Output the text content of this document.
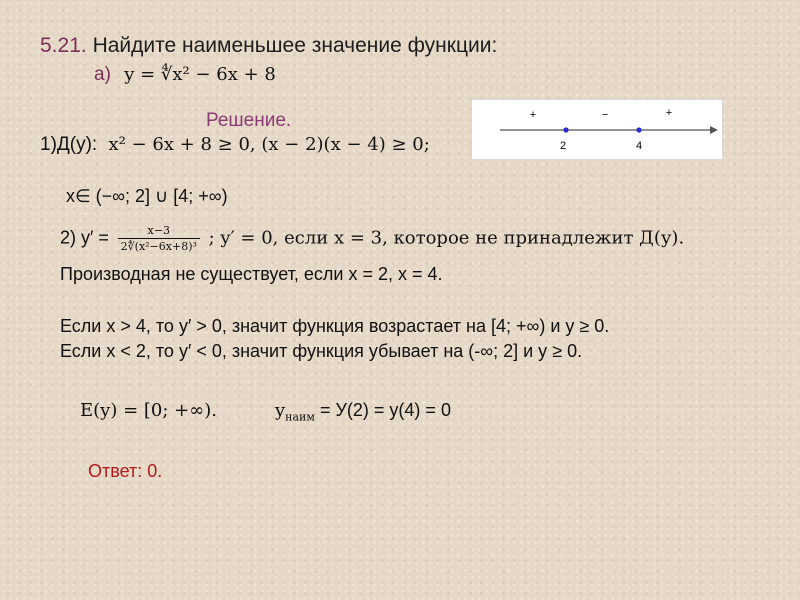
5.21. Найдите наименьшее значение функции:
а) y = ∜x² − 6x + 8
Решение.
1)Д(у): x² − 6x + 8 ≥ 0, (x − 2)(x − 4) ≥ 0;
+	−	+
2	4
x∈ (−∞; 2] ∪ [4; +∞)
2) $y' = \frac{x-3}{\text{2∜(x²−6x+8)³}}$ ; y′ = 0, если x = 3, которое не принадлежит Д(у).
Производная не существует, если x = 2, x = 4.
Если x > 4, то y′ > 0, значит функция возрастает на [4; +∞) и y ≥ 0.
Если x < 2, то y′ < 0, значит функция убывает на (-∞; 2] и y ≥ 0.
E(y) = [0; +∞).	$y_{наим} = У(2) = у(4) = 0$
Ответ: 0.
